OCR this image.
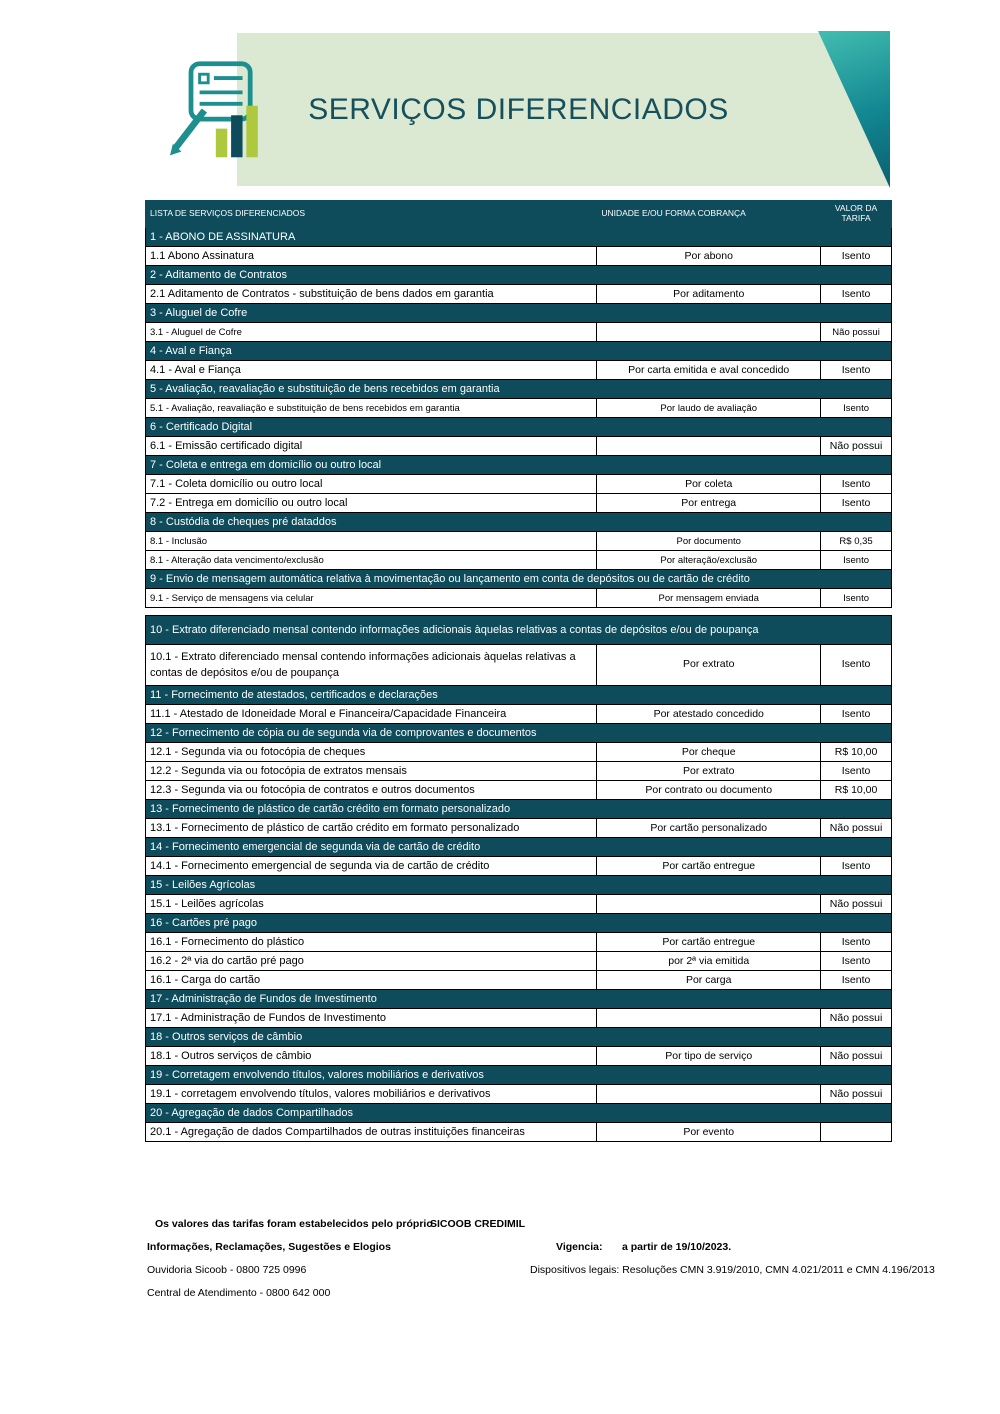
SERVIÇOS DIFERENCIADOS
LISTA DE SERVIÇOS DIFERENCIADOS	UNIDADE E/OU FORMA COBRANÇA	VALOR DA TARIFA
1 - ABONO DE ASSINATURA		
1.1 Abono Assinatura	Por abono	Isento
2 - Aditamento de Contratos		
2.1 Aditamento de Contratos - substituição de bens dados em garantia	Por aditamento	Isento
3 - Aluguel de Cofre		
3.1 - Aluguel de Cofre		Não possui
4 - Aval e Fiança		
4.1 - Aval e Fiança	Por carta emitida e aval concedido	Isento
5 - Avaliação, reavaliação e substituição de bens recebidos em garantia		
5.1 - Avaliação, reavaliação e substituição de bens recebidos em garantia	Por laudo de avaliação	Isento
6 - Certificado Digital		
6.1 - Emissão certificado digital		Não possui
7 - Coleta e entrega em domicílio ou outro local		
7.1 - Coleta domicílio ou outro local	Por coleta	Isento
7.2 - Entrega em domicílio ou outro local	Por entrega	Isento
8 - Custódia de cheques pré dataddos		
8.1 - Inclusão	Por documento	R$ 0,35
8.1 - Alteração data vencimento/exclusão	Por alteração/exclusão	Isento
9 - Envio de mensagem automática relativa à movimentação ou lançamento em conta de depósitos ou de cartão de crédito		
9.1 - Serviço de mensagens via celular	Por mensagem enviada	Isento

10 - Extrato diferenciado mensal contendo informações adicionais àquelas relativas a contas de depósitos e/ou de poupança		
10.1 - Extrato diferenciado mensal contendo informações adicionais àquelas relativas a contas de depósitos e/ou de poupança	Por extrato	Isento
11 - Fornecimento de atestados, certificados e declarações		
11.1 - Atestado de Idoneidade Moral e Financeira/Capacidade Financeira	Por atestado concedido	Isento
12 - Fornecimento de cópia ou de segunda via de comprovantes e documentos		
12.1 - Segunda via ou fotocópia de cheques	Por cheque	R$ 10,00
12.2 - Segunda via ou fotocópia de extratos mensais	Por extrato	Isento
12.3 - Segunda via ou fotocópia de contratos e outros documentos	Por contrato ou documento	R$ 10,00
13 - Fornecimento de plástico de cartão crédito em formato personalizado		
13.1 - Fornecimento de plástico de cartão crédito em formato personalizado	Por cartão personalizado	Não possui
14 - Fornecimento emergencial de segunda via de cartão de crédito		
14.1 - Fornecimento emergencial de segunda via de cartão de crédito	Por cartão entregue	Isento
15 - Leilões Agrícolas		
15.1 - Leilões agrícolas		Não possui
16 - Cartões pré pago		
16.1 - Fornecimento do plástico	Por cartão entregue	Isento
16.2 - 2ª via do cartão pré pago	por 2ª via emitida	Isento
16.1 - Carga do cartão	Por carga	Isento
17 - Administração de Fundos de Investimento		
17.1 - Administração de Fundos de Investimento		Não possui
18 - Outros serviços de câmbio		
18.1 - Outros serviços de câmbio	Por tipo de serviço	Não possui
19 - Corretagem envolvendo títulos, valores mobiliários e derivativos		
19.1 - corretagem envolvendo títulos, valores mobiliários e derivativos		Não possui
20 - Agregação de dados Compartilhados		
20.1 - Agregação de dados Compartilhados de outras instituições financeiras	Por evento	
Os valores das tarifas foram estabelecidos pelo próprio
SICOOB CREDIMIL
Informações, Reclamações, Sugestões e Elogios	Vigencia: a partir de 19/10/2023.
Ouvidoria Sicoob - 0800 725 0996	Dispositivos legais: Resoluções CMN 3.919/2010, CMN 4.021/2011 e CMN 4.196/2013
Central de Atendimento - 0800 642 000
